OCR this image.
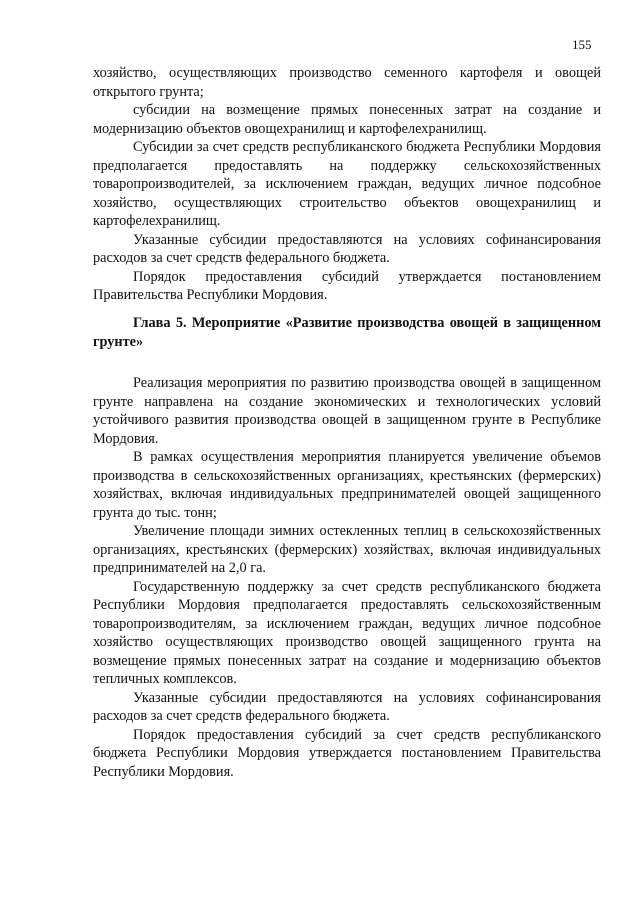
155

хозяйство, осуществляющих производство семенного картофеля и овощей открытого грунта;

субсидии на возмещение прямых понесенных затрат на создание и модернизацию объектов овощехранилищ и картофелехранилищ.

Субсидии за счет средств республиканского бюджета Республики Мордовия предполагается предоставлять на поддержку сельскохозяйственных товаропроизводителей, за исключением граждан, ведущих личное подсобное хозяйство, осуществляющих строительство объектов овощехранилищ и картофелехранилищ.

Указанные субсидии предоставляются на условиях софинансирования расходов за счет средств федерального бюджета.

Порядок предоставления субсидий утверждается постановлением Правительства Республики Мордовия.

Глава 5. Мероприятие «Развитие производства овощей в защищенном грунте»

Реализация мероприятия по развитию производства овощей в защищенном грунте направлена на создание экономических и технологических условий устойчивого развития производства овощей в защищенном грунте в Республике Мордовия.

В рамках осуществления мероприятия планируется увеличение объемов производства в сельскохозяйственных организациях, крестьянских (фермерских) хозяйствах, включая индивидуальных предпринимателей овощей защищенного грунта до тыс. тонн;

Увеличение площади зимних остекленных теплиц в сельскохозяйственных организациях, крестьянских (фермерских) хозяйствах, включая индивидуальных предпринимателей на 2,0 га.

Государственную поддержку за счет средств республиканского бюджета Республики Мордовия предполагается предоставлять сельскохозяйственным товаропроизводителям, за исключением граждан, ведущих личное подсобное хозяйство осуществляющих производство овощей защищенного грунта на возмещение прямых понесенных затрат на создание и модернизацию объектов тепличных комплексов.

Указанные субсидии предоставляются на условиях софинансирования расходов за счет средств федерального бюджета.

Порядок предоставления субсидий за счет средств республиканского бюджета Республики Мордовия утверждается постановлением Правительства Республики Мордовия.
